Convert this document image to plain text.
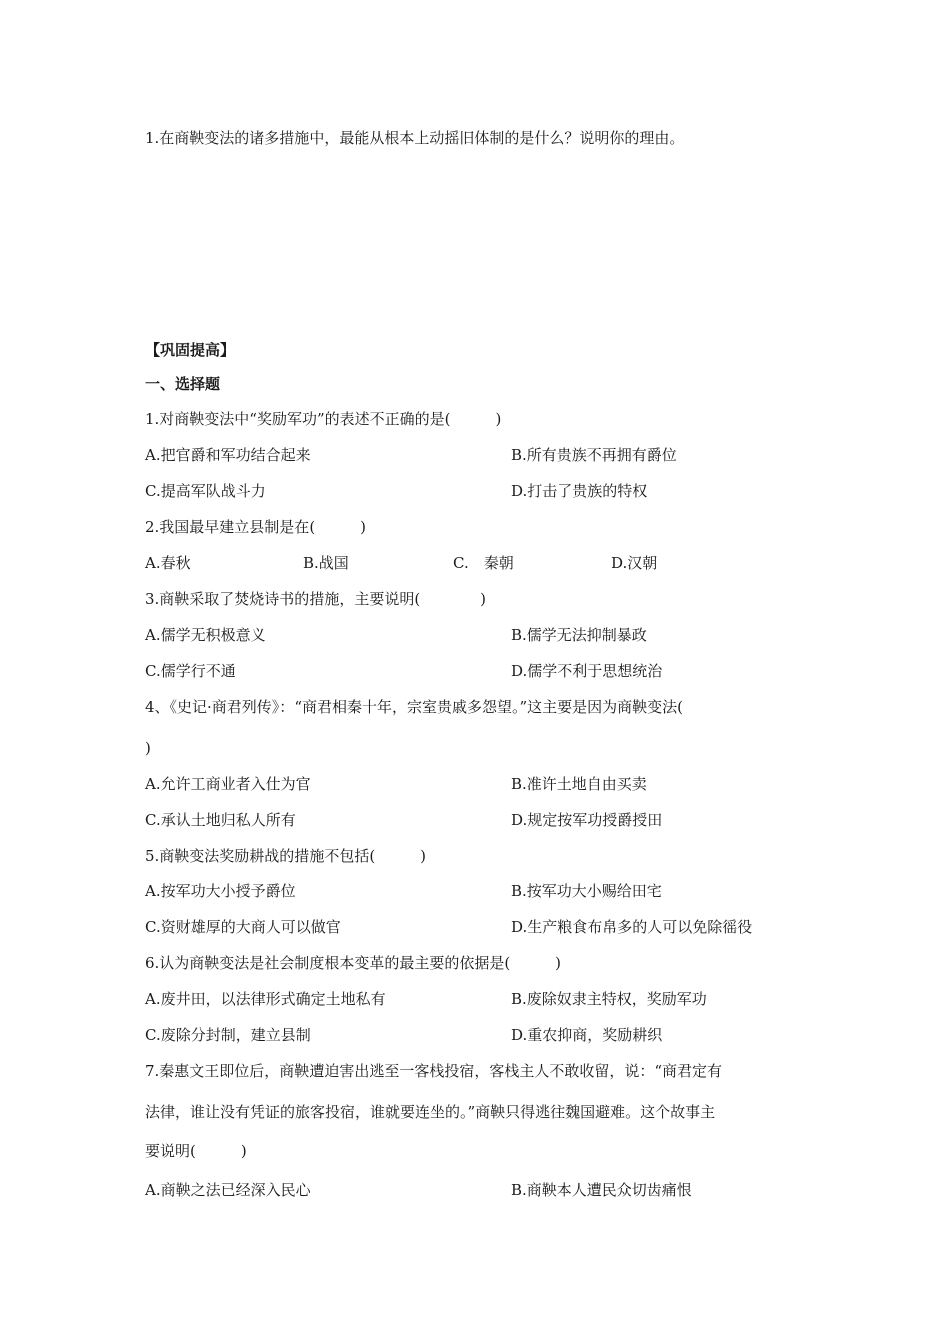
1.在商鞅变法的诸多措施中，最能从根本上动摇旧体制的是什么？说明你的理由。
【巩固提高】
一、选择题
1.对商鞅变法中“奖励军功”的表述不正确的是(　　　)
A.把官爵和军功结合起来	B.所有贵族不再拥有爵位
C.提高军队战斗力	D.打击了贵族的特权
2.我国最早建立县制是在(　　　)
A.春秋	B.战国	C.　秦朝	D.汉朝
3.商鞅采取了焚烧诗书的措施，主要说明(　　　　)
A.儒学无积极意义	B.儒学无法抑制暴政
C.儒学行不通	D.儒学不利于思想统治
4、《史记·商君列传》：“商君相秦十年，宗室贵戚多怨望。”这主要是因为商鞅变法(
)
A.允许工商业者入仕为官	B.准许土地自由买卖
C.承认土地归私人所有	D.规定按军功授爵授田
5.商鞅变法奖励耕战的措施不包括(　　　)
A.按军功大小授予爵位	B.按军功大小赐给田宅
C.资财雄厚的大商人可以做官	D.生产粮食布帛多的人可以免除徭役
6.认为商鞅变法是社会制度根本变革的最主要的依据是(　　　)
A.废井田，以法律形式确定土地私有	B.废除奴隶主特权，奖励军功
C.废除分封制，建立县制	D.重农抑商，奖励耕织
7.秦惠文王即位后，商鞅遭迫害出逃至一客栈投宿，客栈主人不敢收留，说：“商君定有
法律，谁让没有凭证的旅客投宿，谁就要连坐的。”商鞅只得逃往魏国避难。这个故事主
要说明(　　　)
A.商鞅之法已经深入民心	B.商鞅本人遭民众切齿痛恨
